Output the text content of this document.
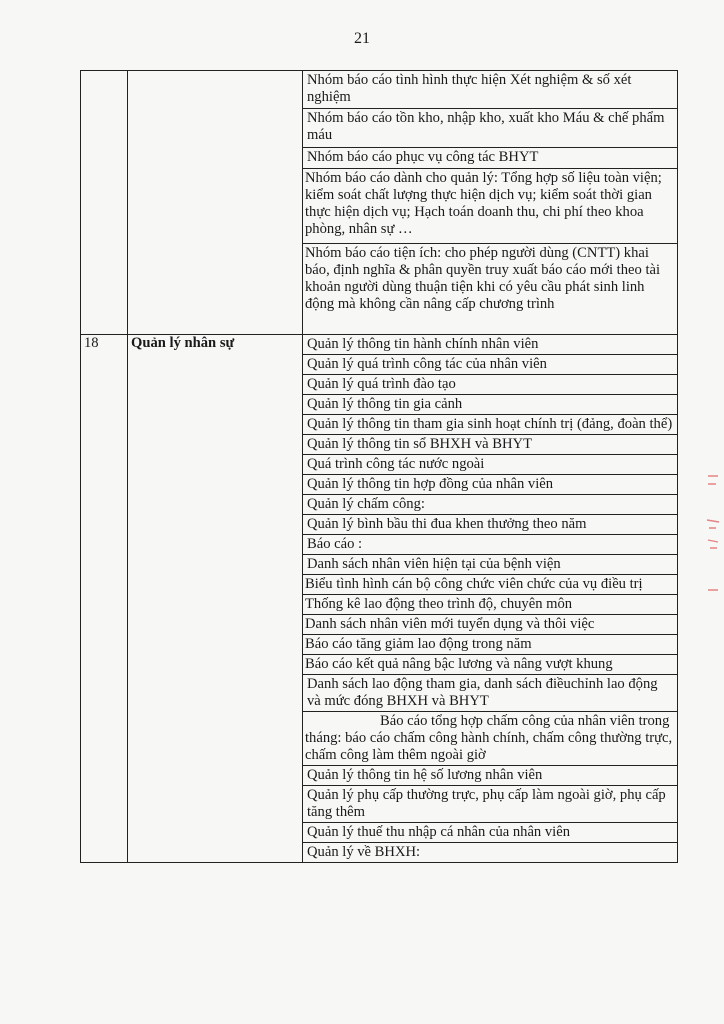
21
		Nhóm báo cáo tình hình thực hiện Xét nghiệm & số xét nghiệm
		Nhóm báo cáo tồn kho, nhập kho, xuất kho Máu & chế phẩm máu
		Nhóm báo cáo phục vụ công tác BHYT
		Nhóm báo cáo dành cho quản lý: Tổng hợp số liệu toàn viện; kiểm soát chất lượng thực hiện dịch vụ; kiểm soát thời gian thực hiện dịch vụ; Hạch toán doanh thu, chi phí theo khoa phòng, nhân sự …
		Nhóm báo cáo tiện ích: cho phép người dùng (CNTT) khai báo, định nghĩa & phân quyền truy xuất báo cáo mới theo tài khoản người dùng thuận tiện khi có yêu cầu phát sinh linh động mà không cần nâng cấp chương trình
18	Quản lý nhân sự	Quản lý thông tin hành chính nhân viên
		Quản lý quá trình công tác của nhân viên
		Quản lý quá trình đào tạo
		Quản lý thông tin gia cảnh
		Quản lý thông tin tham gia sinh hoạt chính trị (đảng, đoàn thể)
		Quản lý thông tin sổ BHXH và BHYT
		Quá trình công tác nước ngoài
		Quản lý thông tin hợp đồng của nhân viên
		Quản lý chấm công:
		Quản lý bình bầu thi đua khen thưởng theo năm
		Báo cáo :
		Danh sách nhân viên hiện tại của bệnh viện
		Biểu tình hình cán bộ công chức viên chức của vụ điều trị
		Thống kê lao động theo trình độ, chuyên môn
		Danh sách nhân viên mới tuyển dụng và thôi việc
		Báo cáo tăng giảm lao động trong năm
		Báo cáo kết quả nâng bậc lương và nâng vượt khung
		Danh sách lao động tham gia, danh sách điềuchỉnh lao động và mức đóng BHXH và BHYT
		Báo cáo tổng hợp chấm công của nhân viên trong tháng: báo cáo chấm công hành chính, chấm công thường trực, chấm công làm thêm ngoài giờ
		Quản lý thông tin hệ số lương nhân viên
		Quản lý phụ cấp thường trực, phụ cấp làm ngoài giờ, phụ cấp tăng thêm
		Quản lý thuế thu nhập cá nhân của nhân viên
		Quản lý về BHXH:
